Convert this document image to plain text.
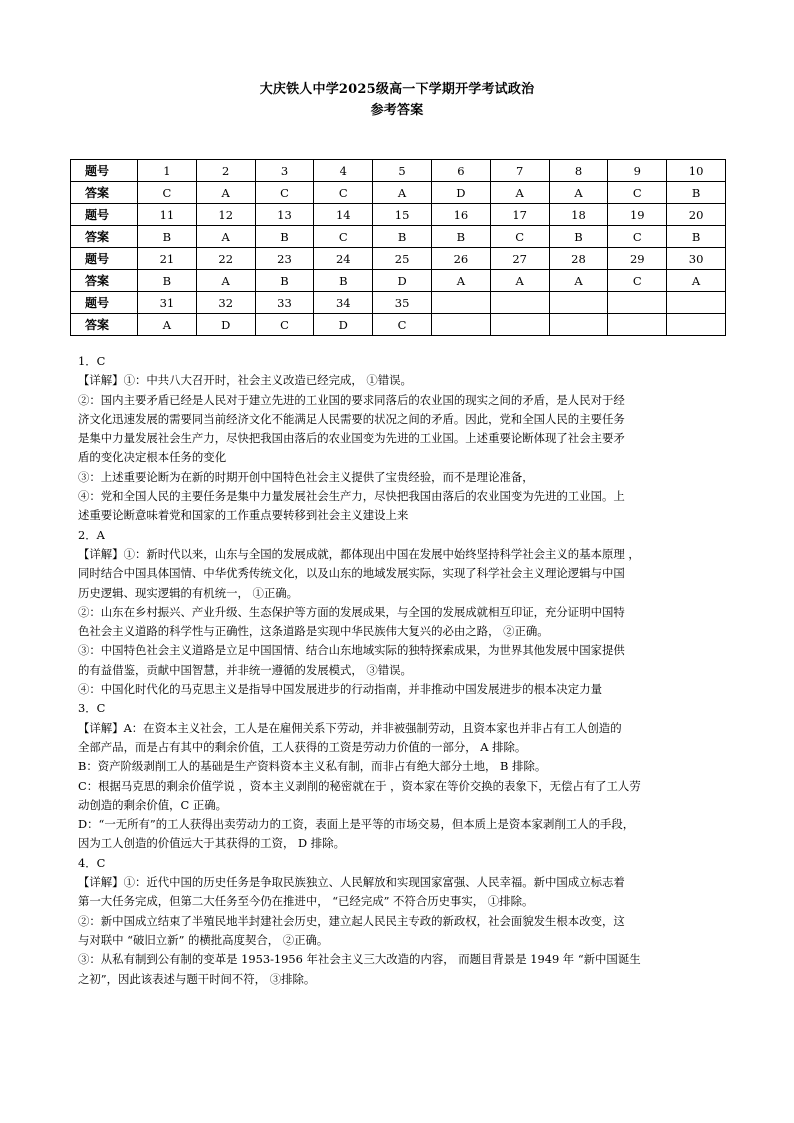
大庆铁人中学2025级高一下学期开学考试政治
参考答案
题号	1	2	3	4	5	6	7	8	9	10
答案	C	A	C	C	A	D	A	A	C	B
题号	11	12	13	14	15	16	17	18	19	20
答案	B	A	B	C	B	B	C	B	C	B
题号	21	22	23	24	25	26	27	28	29	30
答案	B	A	B	B	D	A	A	A	C	A
题号	31	32	33	34	35					
答案	A	D	C	D	C					
1．C
【详解】①：中共八大召开时，社会主义改造已经完成， ①错误。
②：国内主要矛盾已经是人民对于建立先进的工业国的要求同落后的农业国的现实之间的矛盾，是人民对于经
济文化迅速发展的需要同当前经济文化不能满足人民需要的状况之间的矛盾。因此，党和全国人民的主要任务
是集中力量发展社会生产力，尽快把我国由落后的农业国变为先进的工业国。上述重要论断体现了社会主要矛
盾的变化决定根本任务的变化
③：上述重要论断为在新的时期开创中国特色社会主义提供了宝贵经验，而不是理论准备，
④：党和全国人民的主要任务是集中力量发展社会生产力，尽快把我国由落后的农业国变为先进的工业国。上
述重要论断意味着党和国家的工作重点要转移到社会主义建设上来
2．A
【详解】①：新时代以来，山东与全国的发展成就，都体现出中国在发展中始终坚持科学社会主义的基本原理 ，
同时结合中国具体国情、中华优秀传统文化，以及山东的地域发展实际，实现了科学社会主义理论逻辑与中国
历史逻辑、现实逻辑的有机统一， ①正确。
②：山东在乡村振兴、产业升级、生态保护等方面的发展成果，与全国的发展成就相互印证，充分证明中国特
色社会主义道路的科学性与正确性，这条道路是实现中华民族伟大复兴的必由之路， ②正确。
③：中国特色社会主义道路是立足中国国情、结合山东地域实际的独特探索成果，为世界其他发展中国家提供
的有益借鉴，贡献中国智慧，并非统一遵循的发展模式， ③错误。
④：中国化时代化的马克思主义是指导中国发展进步的行动指南，并非推动中国发展进步的根本决定力量
3．C
【详解】A：在资本主义社会，工人是在雇佣关系下劳动，并非被强制劳动，且资本家也并非占有工人创造的
全部产品，而是占有其中的剩余价值，工人获得的工资是劳动力价值的一部分， A 排除。
B：资产阶级剥削工人的基础是生产资料资本主义私有制，而非占有绝大部分土地， B 排除。
C：根据马克思的剩余价值学说 ，资本主义剥削的秘密就在于 ，资本家在等价交换的表象下，无偿占有了工人劳
动创造的剩余价值，C 正确。
D：“一无所有”的工人获得出卖劳动力的工资，表面上是平等的市场交易，但本质上是资本家剥削工人的手段，
因为工人创造的价值远大于其获得的工资， D 排除。
4．C
【详解】①：近代中国的历史任务是争取民族独立、人民解放和实现国家富强、人民幸福。新中国成立标志着
第一大任务完成，但第二大任务至今仍在推进中， “已经完成” 不符合历史事实， ①排除。
②：新中国成立结束了半殖民地半封建社会历史，建立起人民民主专政的新政权，社会面貌发生根本改变，这
与对联中 “破旧立新” 的横批高度契合， ②正确。
③：从私有制到公有制的变革是 1953-1956 年社会主义三大改造的内容， 而题目背景是 1949 年 “新中国诞生
之初”，因此该表述与题干时间不符， ③排除。
